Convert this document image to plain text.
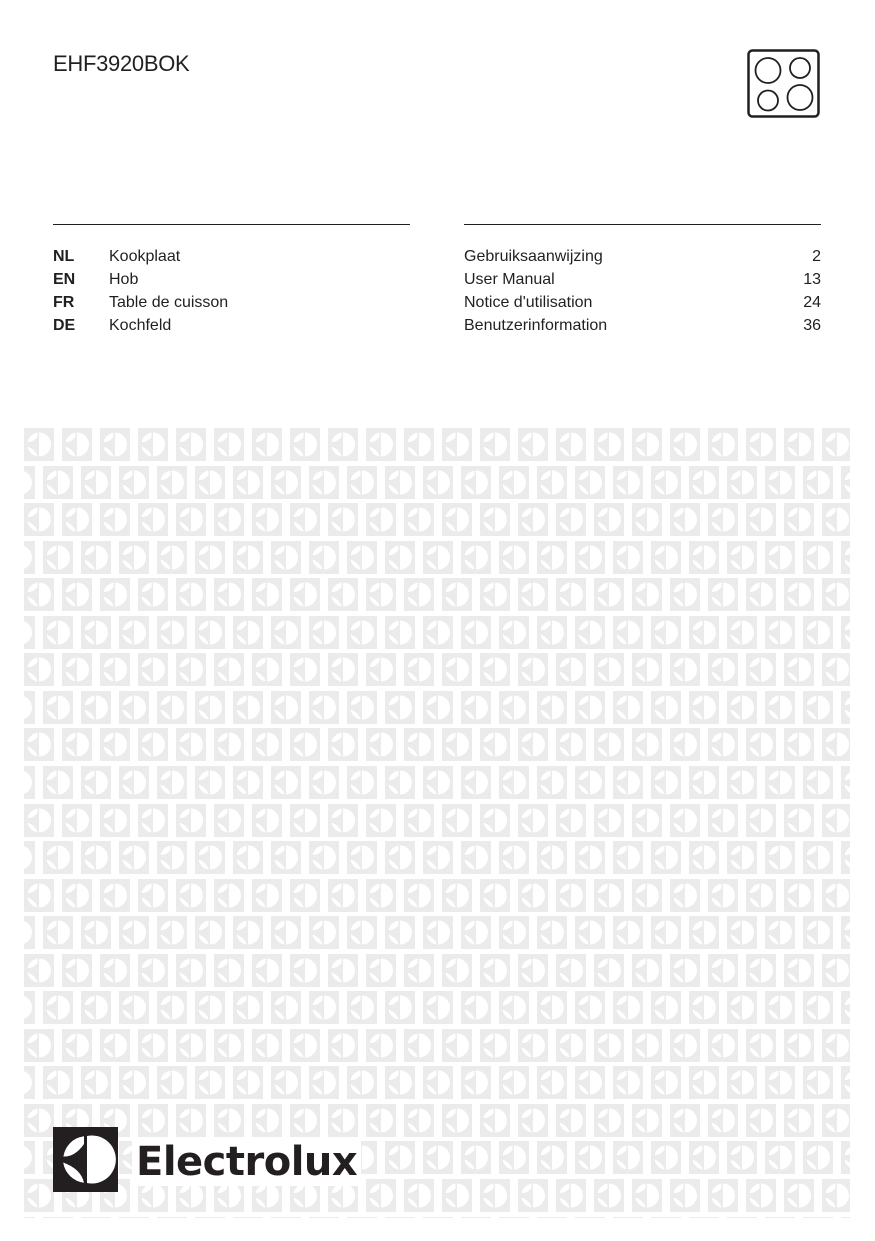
EHF3920BOK
NL	Kookplaat
EN	Hob
FR	Table de cuisson
DE	Kochfeld
Gebruiksaanwijzing	2
User Manual	13
Notice d'utilisation	24
Benutzerinformation	36
Electrolux
